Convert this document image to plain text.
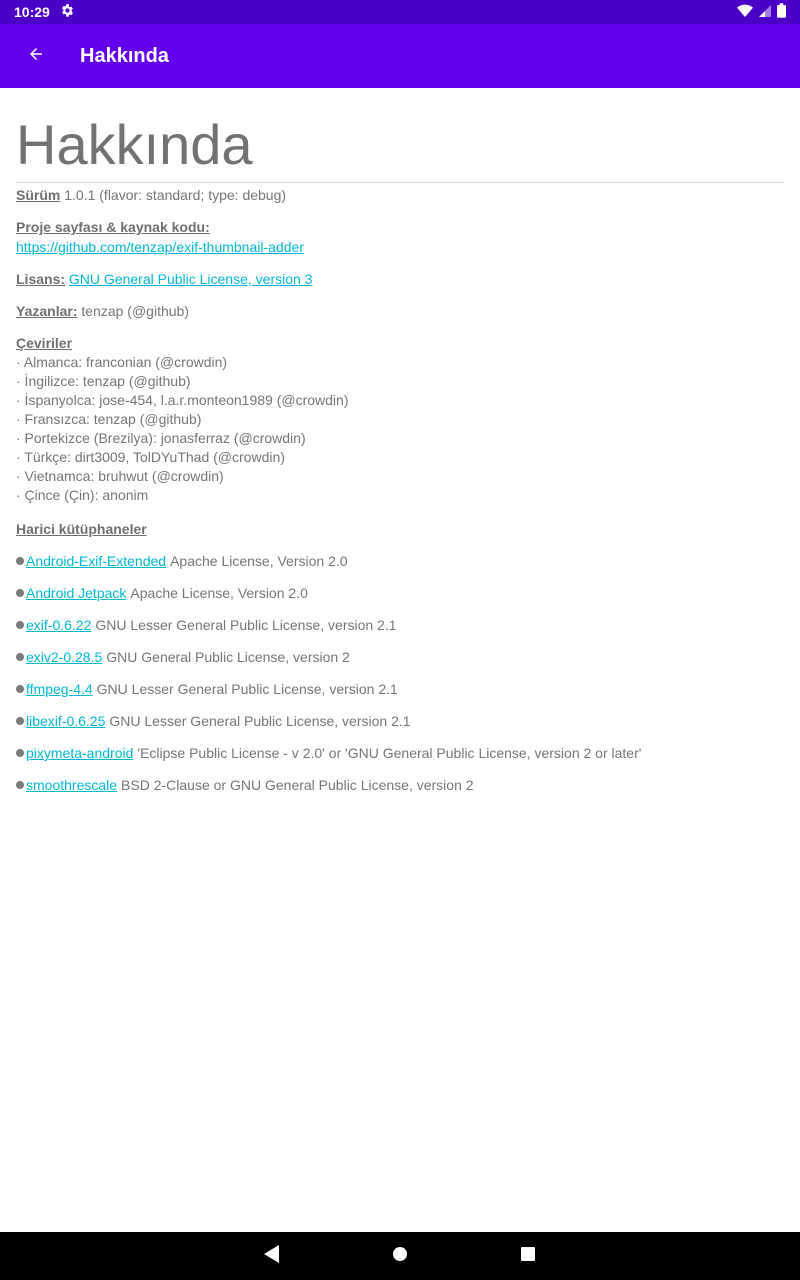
10:29
Hakkında
Hakkında
Sürüm 1.0.1 (flavor: standard; type: debug)
Proje sayfası & kaynak kodu:
https://github.com/tenzap/exif-thumbnail-adder
Lisans: GNU General Public License, version 3
Yazanlar: tenzap (@github)
Çeviriler
· Almanca: franconian (@crowdin)
· İngilizce: tenzap (@github)
· İspanyolca: jose-454, l.a.r.monteon1989 (@crowdin)
· Fransızca: tenzap (@github)
· Portekizce (Brezilya): jonasferraz (@crowdin)
· Türkçe: dirt3009, TolDYuThad (@crowdin)
· Vietnamca: bruhwut (@crowdin)
· Çince (Çin): anonim
Harici kütüphaneler
Android-Exif-Extended Apache License, Version 2.0
Android Jetpack Apache License, Version 2.0
exif-0.6.22 GNU Lesser General Public License, version 2.1
exiv2-0.28.5 GNU General Public License, version 2
ffmpeg-4.4 GNU Lesser General Public License, version 2.1
libexif-0.6.25 GNU Lesser General Public License, version 2.1
pixymeta-android 'Eclipse Public License - v 2.0' or 'GNU General Public License, version 2 or later'
smoothrescale BSD 2-Clause or GNU General Public License, version 2
